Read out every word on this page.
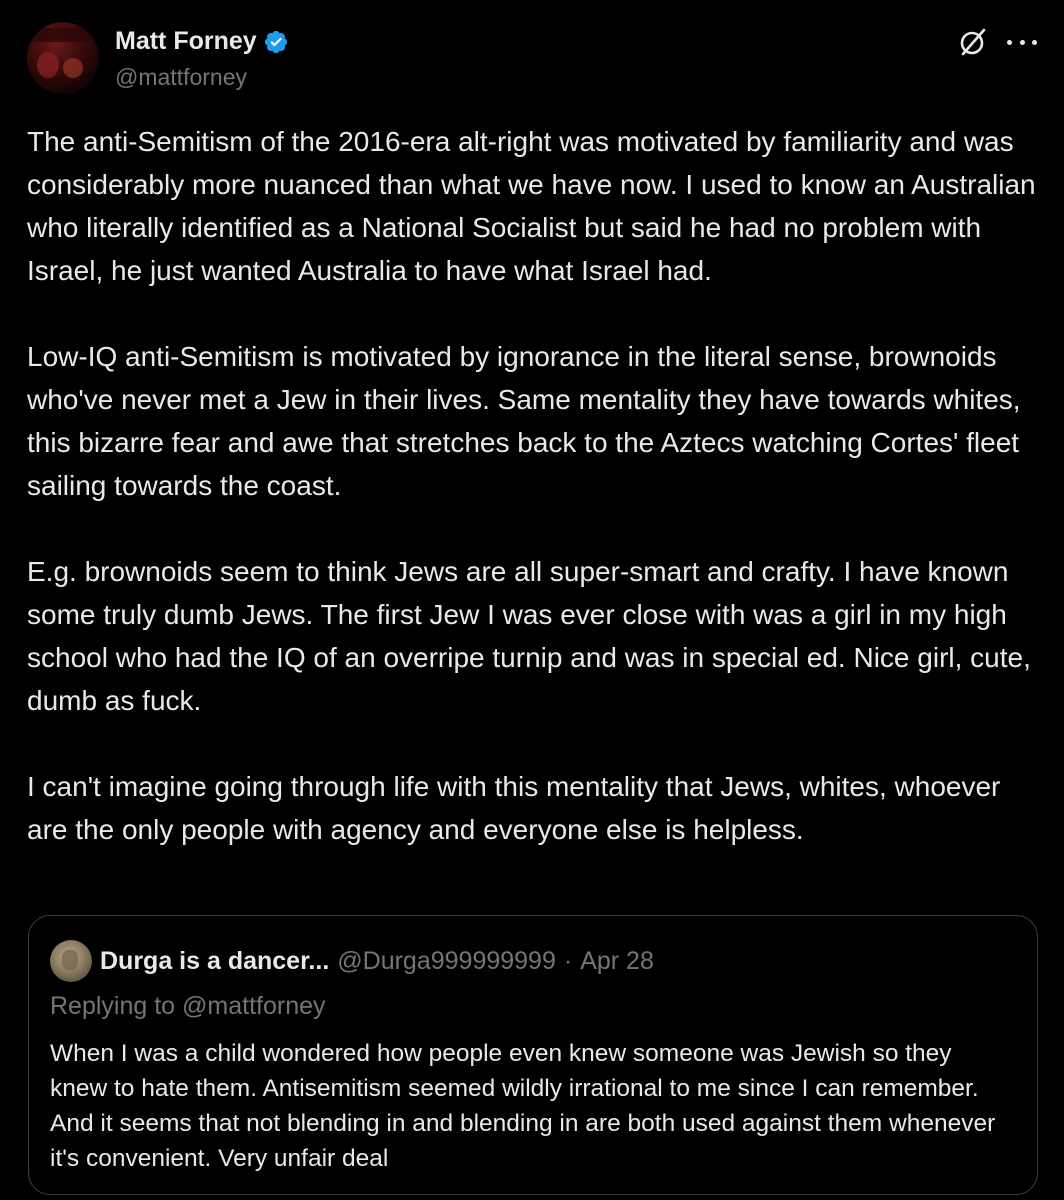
Matt Forney
@mattforney

The anti-Semitism of the 2016-era alt-right was motivated by familiarity and was considerably more nuanced than what we have now. I used to know an Australian who literally identified as a National Socialist but said he had no problem with Israel, he just wanted Australia to have what Israel had.

Low-IQ anti-Semitism is motivated by ignorance in the literal sense, brownoids who've never met a Jew in their lives. Same mentality they have towards whites, this bizarre fear and awe that stretches back to the Aztecs watching Cortes' fleet sailing towards the coast.

E.g. brownoids seem to think Jews are all super-smart and crafty. I have known some truly dumb Jews. The first Jew I was ever close with was a girl in my high school who had the IQ of an overripe turnip and was in special ed. Nice girl, cute, dumb as fuck.

I can't imagine going through life with this mentality that Jews, whites, whoever are the only people with agency and everyone else is helpless.

Durga is a dancer... @Durga999999999 · Apr 28
Replying to @mattforney
When I was a child wondered how people even knew someone was Jewish so they knew to hate them. Antisemitism seemed wildly irrational to me since I can remember. And it seems that not blending in and blending in are both used against them whenever it's convenient. Very unfair deal
